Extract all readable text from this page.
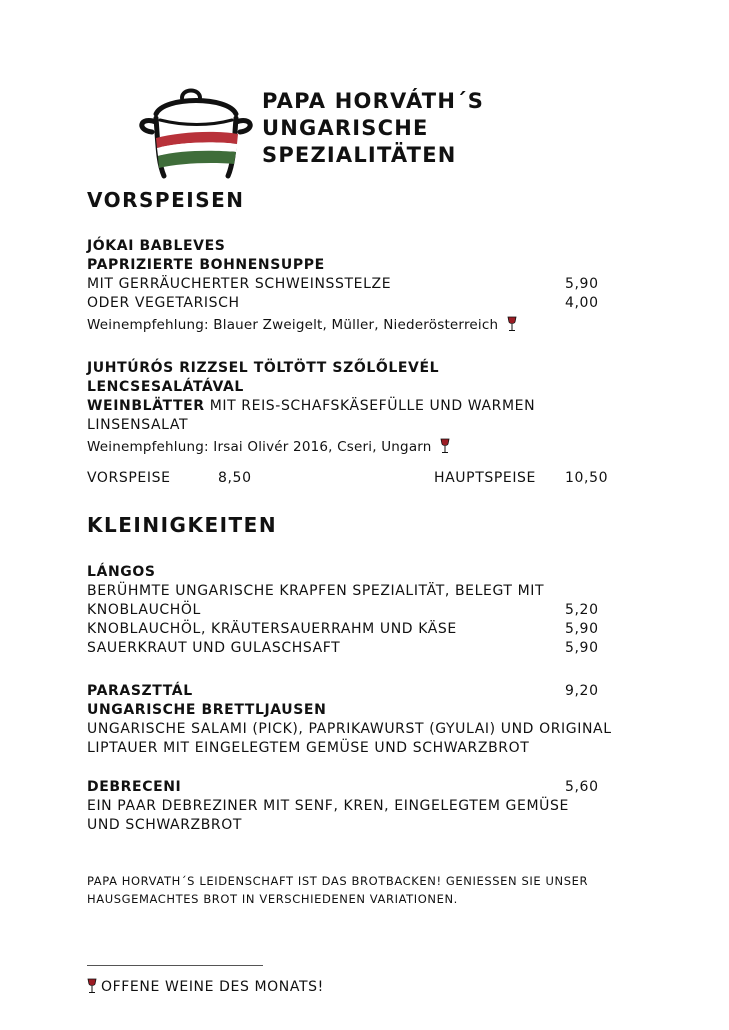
PAPA HORVÁTH´S
UNGARISCHE
SPEZIALITÄTEN
VORSPEISEN
JÓKAI BABLEVES
PAPRIZIERTE BOHNENSUPPE
MIT GERRÄUCHERTER SCHWEINSSTELZE	5,90
ODER VEGETARISCH	4,00
Weinempfehlung: Blauer Zweigelt, Müller, Niederösterreich
JUHTÚRÓS RIZZSEL TÖLTÖTT SZŐLŐLEVÉL
LENCSESALÁTÁVAL
WEINBLÄTTER MIT REIS-SCHAFSKÄSEFÜLLE UND WARMEN
LINSENSALAT
Weinempfehlung: Irsai Olivér 2016, Cseri, Ungarn
VORSPEISE	8,50	HAUPTSPEISE 10,50
KLEINIGKEITEN
LÁNGOS
BERÜHMTE UNGARISCHE KRAPFEN SPEZIALITÄT, BELEGT MIT
KNOBLAUCHÖL	5,20
KNOBLAUCHÖL, KRÄUTERSAUERRAHM UND KÄSE	5,90
SAUERKRAUT UND GULASCHSAFT	5,90
PARASZTTÁL	9,20
UNGARISCHE BRETTLJAUSEN
UNGARISCHE SALAMI (PICK), PAPRIKAWURST (GYULAI) UND ORIGINAL
LIPTAUER MIT EINGELEGTEM GEMÜSE UND SCHWARZBROT
DEBRECENI	5,60
EIN PAAR DEBREZINER MIT SENF, KREN, EINGELEGTEM GEMÜSE
UND SCHWARZBROT
PAPA HORVATH´S LEIDENSCHAFT IST DAS BROTBACKEN! GENIESSEN SIE UNSER
HAUSGEMACHTES BROT IN VERSCHIEDENEN VARIATIONEN.
OFFENE WEINE DES MONATS!
